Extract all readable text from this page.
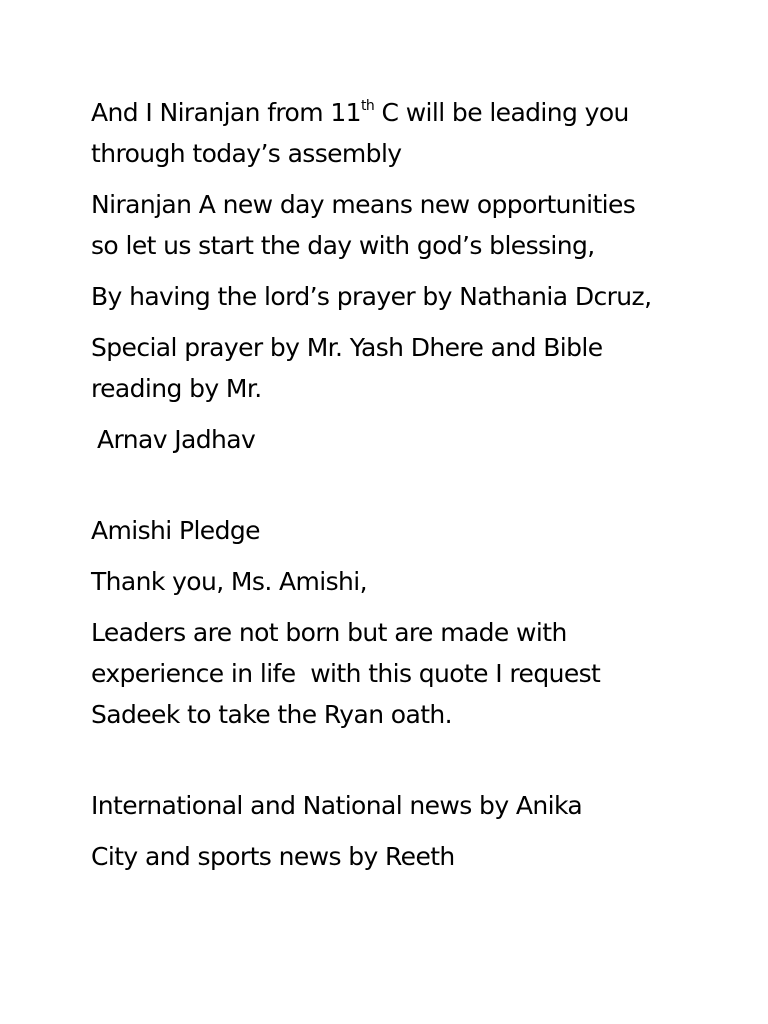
And I Niranjan from 11th C will be leading you
through today’s assembly
Niranjan A new day means new opportunities
so let us start the day with god’s blessing,
By having the lord’s prayer by Nathania Dcruz,
Special prayer by Mr. Yash Dhere and Bible
reading by Mr.
Arnav Jadhav
Amishi Pledge
Thank you, Ms. Amishi,
Leaders are not born but are made with
experience in life  with this quote I request
Sadeek to take the Ryan oath.
International and National news by Anika
City and sports news by Reeth
